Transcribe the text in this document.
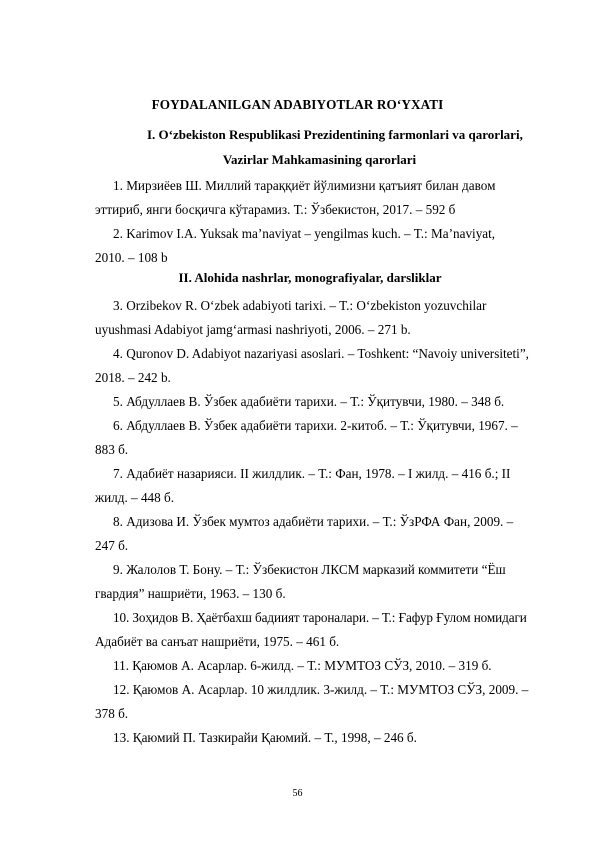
FOYDALANILGAN ADABIYOTLAR RO‘YXATI
I. O‘zbekiston Respublikasi Prezidentining farmonlari va qarorlari,
Vazirlar Mahkamasining qarorlari
1. Мирзиёев Ш. Миллий тараққиёт йўлимизни қатъият билан давом
эттириб, янги босқичга кўтарамиз. Т.: Ўзбекистон, 2017. – 592 б
2. Karimov I.A. Yuksak ma’naviyat – yengilmas kuch. – T.: Ma’naviyat,
2010. – 108 b
II. Alohida nashrlar, monografiyalar, darsliklar
3. Orzibekov R. O‘zbek adabiyoti tarixi. – T.: O‘zbekiston yozuvchilar
uyushmasi Adabiyot jamg‘armasi nashriyoti, 2006. – 271 b.
4. Quronov D. Adabiyot nazariyasi asoslari. – Toshkent: “Navoiy universiteti”,
2018. – 242 b.
5. Абдуллаев В. Ўзбек адабиёти тарихи. – Т.: Ўқитувчи, 1980. – 348 б.
6. Абдуллаев В. Ўзбек адабиёти тарихи. 2-китоб. – Т.: Ўқитувчи, 1967. –
883 б.
7. Адабиёт назарияси. II жилдлик. – Т.: Фан, 1978. – I жилд. – 416 б.; II
жилд. – 448 б.
8. Адизова И. Ўзбек мумтоз адабиёти тарихи. – Т.: ЎзРФА Фан, 2009. –
247 б.
9. Жалолов Т. Бону. – Т.: Ўзбекистон ЛКСМ марказий коммитети “Ёш
гвардия” нашриёти, 1963. – 130 б.
10. Зоҳидов В. Ҳаётбахш бадиият тароналари. – Т.: Ғафур Ғулом номидаги
Адабиёт ва санъат нашриёти, 1975. – 461 б.
11. Қаюмов А. Асарлар. 6-жилд. – Т.: МУМТОЗ СЎЗ, 2010. – 319 б.
12. Қаюмов А. Асарлар. 10 жилдлик. 3-жилд. – Т.: МУМТОЗ СЎЗ, 2009. –
378 б.
13. Қаюмий П. Тазкирайи Қаюмий. – Т., 1998, – 246 б.
56
